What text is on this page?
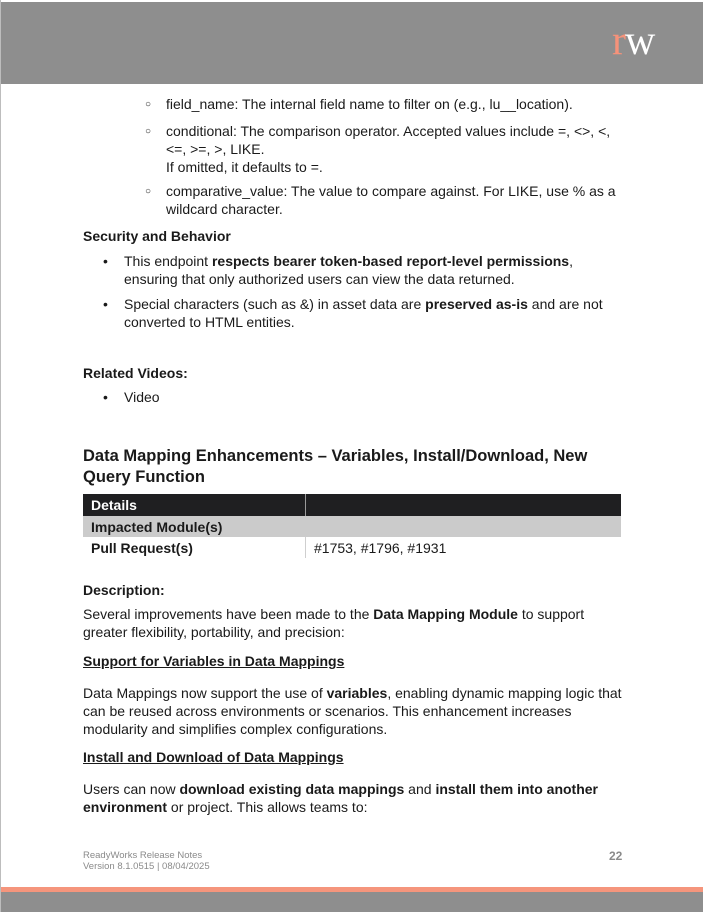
rw
○ field_name: The internal field name to filter on (e.g., lu__location).
○ conditional: The comparison operator. Accepted values include =, <>, <,
<=, >=, >, LIKE.
If omitted, it defaults to =.
○ comparative_value: The value to compare against. For LIKE, use % as a
wildcard character.
Security and Behavior
• This endpoint respects bearer token-based report-level permissions,
ensuring that only authorized users can view the data returned.
• Special characters (such as &) in asset data are preserved as-is and are not
converted to HTML entities.
Related Videos:
• Video
Data Mapping Enhancements – Variables, Install/Download, New
Query Function
Details	
Impacted Module(s)	
Pull Request(s)	#1753, #1796, #1931
Description:
Several improvements have been made to the Data Mapping Module to support
greater flexibility, portability, and precision:
Support for Variables in Data Mappings
Data Mappings now support the use of variables, enabling dynamic mapping logic that
can be reused across environments or scenarios. This enhancement increases
modularity and simplifies complex configurations.
Install and Download of Data Mappings
Users can now download existing data mappings and install them into another
environment or project. This allows teams to:
ReadyWorks Release Notes
Version 8.1.0515 | 08/04/2025
22
